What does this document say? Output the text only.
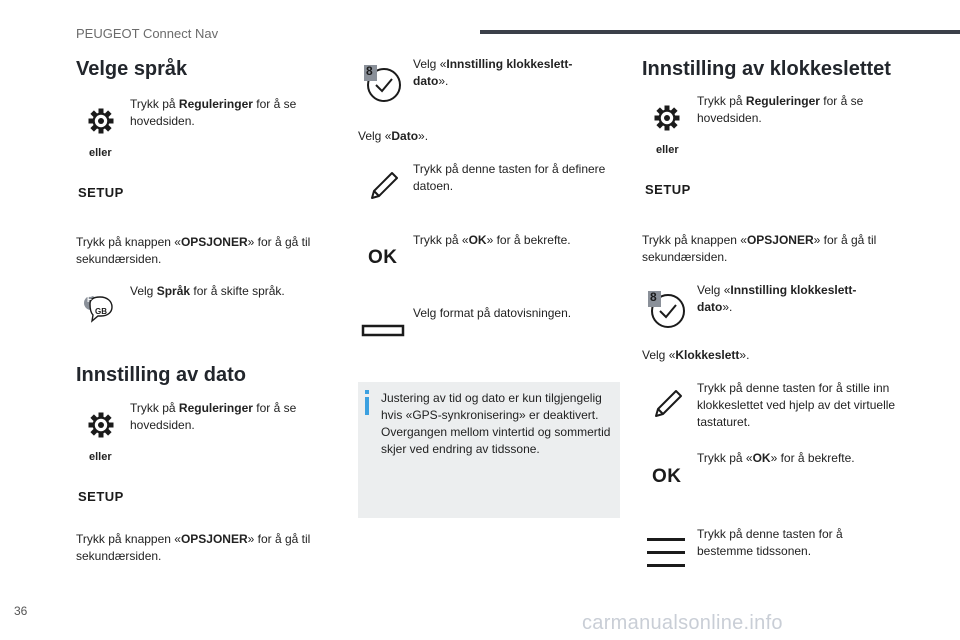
PEUGEOT Connect Nav
Velge språk
Trykk på Reguleringer for å se hovedsiden.
eller
SETUP
Trykk på knappen «OPSJONER» for å gå til sekundærsiden.
F
GB
Velg Språk for å skifte språk.
Innstilling av dato
Trykk på Reguleringer for å se hovedsiden.
eller
SETUP
Trykk på knappen «OPSJONER» for å gå til sekundærsiden.
8	Velg «Innstilling klokkeslett-dato».
Velg «Dato».
Trykk på denne tasten for å definere datoen.
OK
Trykk på «OK» for å bekrefte.
Velg format på datovisningen.
Justering av tid og dato er kun tilgjengelig hvis «GPS-synkronisering» er deaktivert. Overgangen mellom vintertid og sommertid skjer ved endring av tidssone.
Innstilling av klokkeslettet
Trykk på Reguleringer for å se hovedsiden.
eller
SETUP
Trykk på knappen «OPSJONER» for å gå til sekundærsiden.
8	Velg «Innstilling klokkeslett-dato».
Velg «Klokkeslett».
Trykk på denne tasten for å stille inn klokkeslettet ved hjelp av det virtuelle tastaturet.
OK
Trykk på «OK» for å bekrefte.
Trykk på denne tasten for å bestemme tidssonen.
36
carmanualsonline.info
